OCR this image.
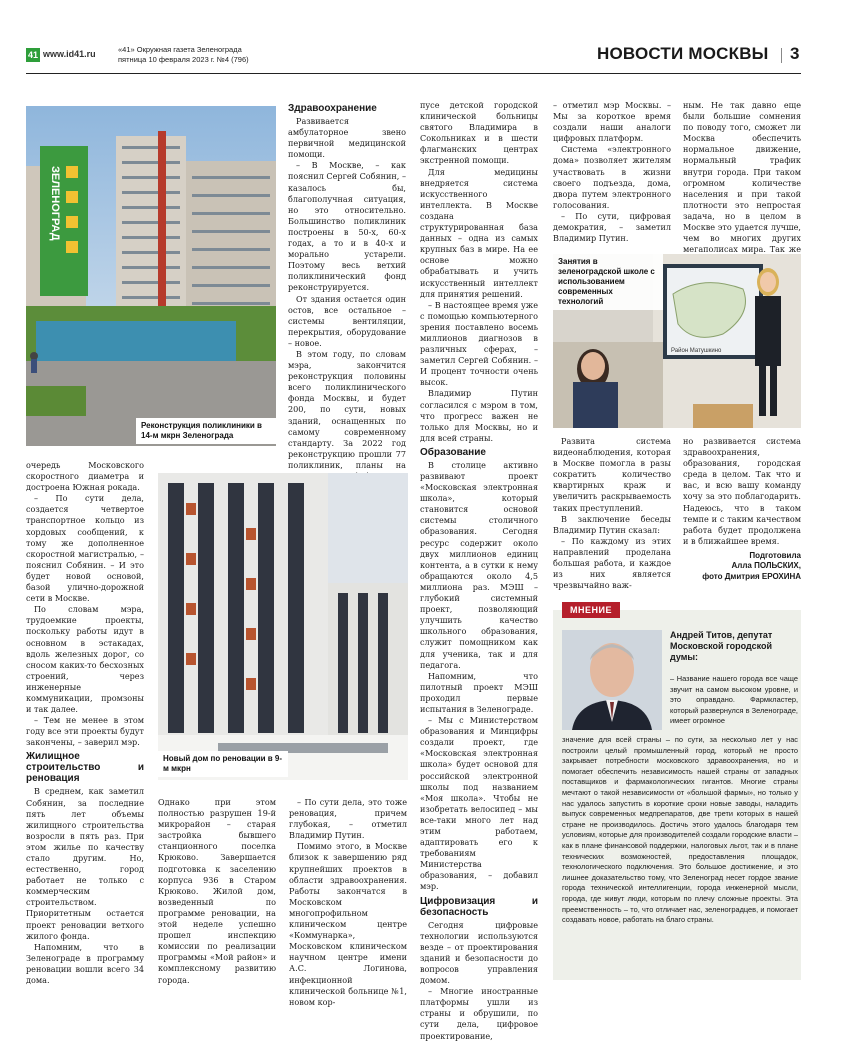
41 www.id41.ru	«41» Окружная газета Зеленограда
пятница 10 февраля 2023 г. №4 (796)	НОВОСТИ МОСКВЫ 3
ЗЕЛЕНОГРАД
Реконструкция поликлиники в 14-м мкрн Зеленограда
Здравоохранение

Развивается амбулаторное звено первичной медицинской помощи.

– В Москве, – как пояснил Сергей Собянин, – казалось бы, благополучная ситуация, но это относительно. Большинство поликлиник построены в 50-х, 60-х годах, а то и в 40-х и морально устарели. Поэтому весь ветхий поликлинический фонд реконструируется.

От здания остается один остов, все остальное – системы вентиляции, перекрытия, оборудование – новое.

В этом году, по словам мэра, закончится реконструкция половины всего поликлинического фонда Москвы, и будет 200, по сути, новых зданий, оснащенных по самому современному стандарту. За 2022 год реконструкцию прошли 77 поликлиник, планы на

пусе детской городской клинической больницы святого Владимира в Сокольниках и в шести флагманских центрах экстренной помощи.

Для медицины внедряется система искусственного интеллекта. В Москве создана структурированная база данных – одна из самых крупных баз в мире. На ее основе можно обрабатывать и учить искусственный интеллект для принятия решений.

– В настоящее время уже с помощью компьютерного зрения поставлено восемь миллионов диагнозов в различных сферах, – заметил Сергей Собянин. – И процент точности очень высок.

Владимир Путин согласился с мэром в том, что прогресс важен не только для Москвы, но и для всей страны.

Образование

В столице активно развивают проект «Московская электронная школа», который становится основой системы столичного образования. Сегодня ресурс содержит около двух миллионов единиц контента, а в сутки к нему обращаются около 4,5 миллиона раз. МЭШ – глубокий системный проект, позволяющий улучшить качество школьного образования, служит помощником как для ученика, так и для педагога.

Напомним, что пилотный проект МЭШ проходил первые испытания в Зеленограде.

– Мы с Министерством образования и Минцифры создали проект, где «Московская электронная школа» будет основой для российской электронной школы под названием «Моя школа». Чтобы не изобретать велосипед – мы все-таки много лет над этим работаем, адаптировать его к требованиям Министерства образования, – добавил мэр.

Цифровизация и безопасность

Сегодня цифровые технологии используются везде – от проектирования зданий и безопасности до вопросов управления домом.

– Многие иностранные платформы ушли из страны и обрушили, по сути дела, цифровое проектирование,

– отметил мэр Москвы. – Мы за короткое время создали наши аналоги цифровых платформ.

Система «электронного дома» позволяет жителям участвовать в жизни своего подъезда, дома, двора путем электронного голосования.

– По сути, цифровая демократия, – заметил Владимир Путин.

ным. Не так давно еще были большие сомнения по поводу того, сможет ли Москва обеспечить нормальное движение, нормальный трафик внутри города. При таком огромном количестве населения и при такой плотности это непростая задача, но в целом в Москве это удается лучше, чем во многих других мегаполисах мира. Так же

Район Матушкино
Занятия в зеленоградской школе с использованием современных технологий

Развита система видеонаблюдения, которая в Москве помогла в разы сократить количество квартирных краж и увеличить раскрываемость таких преступлений.

В заключение беседы Владимир Путин сказал:

– По каждому из этих направлений проделана большая работа, и каждое из них является чрезвычайно важ-

но развивается система здравоохранения, образования, городская среда в целом. Так что и вас, и всю вашу команду хочу за это поблагодарить. Надеюсь, что в таком темпе и с таким качеством работа будет продолжена и в ближайшее время.

Подготовила
Алла ПОЛЬСКИХ,
фото Дмитрия ЕРОХИНА

очередь Московского скоростного диаметра и достроена Южная рокада.

– По сути дела, создается четвертое транспортное кольцо из хордовых сообщений, к тому же дополненное скоростной магистралью, – пояснил Собянин. – И это будет новой основой, базой улично-дорожной сети в Москве.

По словам мэра, трудоемкие проекты, поскольку работы идут в основном в эстакадах, вдоль железных дорог, со сносом каких-то бесхозных строений, через инженерные коммуникации, промзоны и так далее.

– Тем не менее в этом году все эти проекты будут закончены, – заверил мэр.

Жилищное строительство и реновация

В среднем, как заметил Собянин, за последние пять лет объемы жилищного строительства возросли в пять раз. При этом жилье по качеству стало другим. Но, естественно, город работает не только с коммерческим строительством. Приоритетным остается проект реновации ветхого жилого фонда.

Напомним, что в Зеленограде в программу реновации вошли всего 34 дома.

Новый дом по реновации в 9-м мкрн

Однако при этом полностью разрушен 19-й микрорайон – старая застройка бывшего станционного поселка Крюково. Завершается подготовка к заселению корпуса 936 в Старом Крюково. Жилой дом, возведенный по программе реновации, на этой неделе успешно прошел инспекцию комиссии по реализации программы «Мой район» и комплексному развитию города.

– По сути дела, это тоже реновация, причем глубокая, – отметил Владимир Путин.

Помимо этого, в Москве близок к завершению ряд крупнейших проектов в области здравоохранения. Работы закончатся в Московском многопрофильном клиническом центре «Коммунарка», Московском клиническом научном центре имени А.С. Логинова, инфекционной клинической больнице №1, новом кор-

МНЕНИЕ
Андрей Титов, депутат Московской городской думы:
– Название нашего города все чаще звучит на самом высоком уровне, и это оправдано. Фармкластер, который развернулся в Зеленограде, имеет огромное
значение для всей страны – по сути, за несколько лет у нас построили целый промышленный город, который не просто закрывает потребности московского здравоохранения, но и помогает обеспечить независимость нашей страны от западных поставщиков и фармакологических гигантов. Многие страны мечтают о такой независимости от «большой фармы», но только у нас удалось запустить в короткие сроки новые заводы, наладить выпуск современных медпрепаратов, две трети которых в нашей стране не производилось. Достичь этого удалось благодаря тем условиям, которые для производителей создали городские власти – как в плане финансовой поддержки, налоговых льгот, так и в плане технических возможностей, предоставления площадок, технологического подключения. Это большое достижение, и это лишнее доказательство тому, что Зеленоград несет гордое звание города технической интеллигенции, города инженерной мысли, города, где живут люди, которым по плечу сложные проекты. Эта преемственность – то, что отличает нас, зеленоградцев, и помогает создавать новое, работать на благо страны.
